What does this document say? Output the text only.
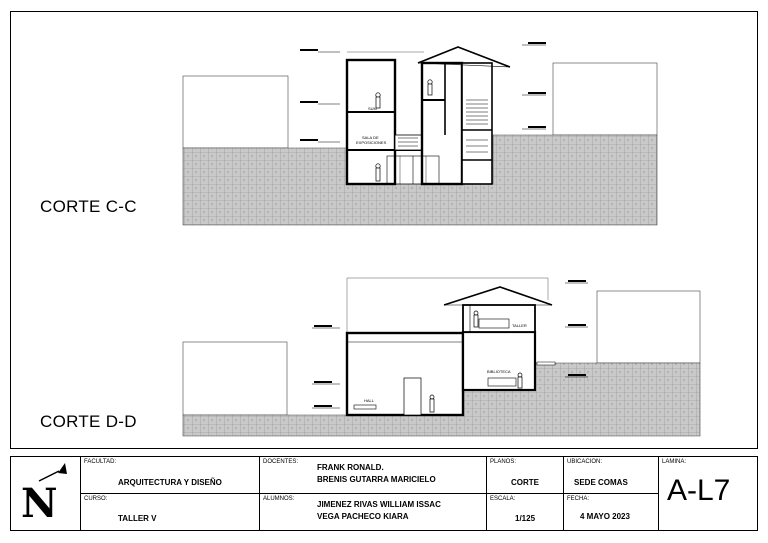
SUM
SALA DE
EXPOSICIONES
TALLER
BIBLIOTECA
HALL
CORTE C-C
CORTE D-D
N
FACULTAD:
ARQUITECTURA Y DISEÑO
CURSO:
TALLER V
DOCENTES:
FRANK RONALD.
BRENIS GUTARRA MARICIELO
ALUMNOS:
JIMENEZ RIVAS WILLIAM ISSAC
VEGA PACHECO KIARA
PLANOS:
CORTE
ESCALA:
1/125
UBICACION:
SEDE COMAS
FECHA:
4 MAYO 2023
LAMINA:
A-L7
